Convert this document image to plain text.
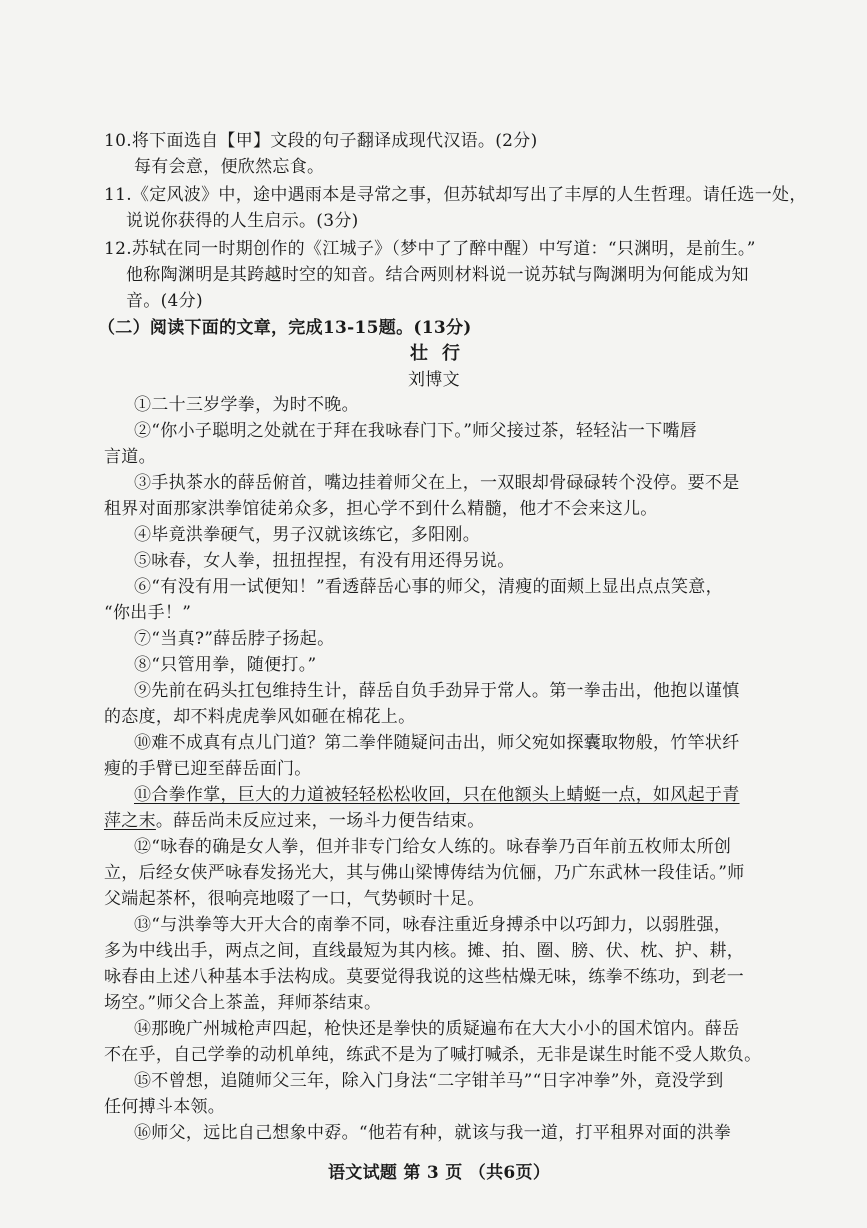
10.将下面选自【甲】文段的句子翻译成现代汉语。(2分)
每有会意，便欣然忘食。
11.《定风波》中，途中遇雨本是寻常之事，但苏轼却写出了丰厚的人生哲理。请任选一处，
说说你获得的人生启示。(3分)
12.苏轼在同一时期创作的《江城子》（梦中了了醉中醒）中写道：“只渊明，是前生。”
他称陶渊明是其跨越时空的知音。结合两则材料说一说苏轼与陶渊明为何能成为知
音。(4分)
（二）阅读下面的文章，完成13-15题。(13分)
壮行
刘博文
①二十三岁学拳，为时不晚。
②“你小子聪明之处就在于拜在我咏春门下。”师父接过茶，轻轻沾一下嘴唇
言道。
③手执茶水的薛岳俯首，嘴边挂着师父在上，一双眼却骨碌碌转个没停。要不是
租界对面那家洪拳馆徒弟众多，担心学不到什么精髓，他才不会来这儿。
④毕竟洪拳硬气，男子汉就该练它，多阳刚。
⑤咏春，女人拳，扭扭捏捏，有没有用还得另说。
⑥“有没有用一试便知！”看透薛岳心事的师父，清瘦的面颊上显出点点笑意，
“你出手！”
⑦“当真?”薛岳脖子扬起。
⑧“只管用拳，随便打。”
⑨先前在码头扛包维持生计，薛岳自负手劲异于常人。第一拳击出，他抱以谨慎
的态度，却不料虎虎拳风如砸在棉花上。
⑩难不成真有点儿门道？第二拳伴随疑问击出，师父宛如探囊取物般，竹竿状纤
瘦的手臂已迎至薛岳面门。
⑪合拳作掌，巨大的力道被轻轻松松收回，只在他额头上蜻蜓一点，如风起于青
萍之末。薛岳尚未反应过来，一场斗力便告结束。
⑫“咏春的确是女人拳，但并非专门给女人练的。咏春拳乃百年前五枚师太所创
立，后经女侠严咏春发扬光大，其与佛山梁博俦结为伉俪，乃广东武林一段佳话。”师
父端起茶杯，很响亮地啜了一口，气势顿时十足。
⑬“与洪拳等大开大合的南拳不同，咏春注重近身搏杀中以巧卸力，以弱胜强，
多为中线出手，两点之间，直线最短为其内核。摊、拍、圈、膀、伏、枕、护、耕，
咏春由上述八种基本手法构成。莫要觉得我说的这些枯燥无味，练拳不练功，到老一
场空。”师父合上茶盖，拜师茶结束。
⑭那晚广州城枪声四起，枪快还是拳快的质疑遍布在大大小小的国术馆内。薛岳
不在乎，自己学拳的动机单纯，练武不是为了喊打喊杀，无非是谋生时能不受人欺负。
⑮不曾想，追随师父三年，除入门身法“二字钳羊马”“日字冲拳”外，竟没学到
任何搏斗本领。
⑯师父，远比自己想象中孬。“他若有种，就该与我一道，打平租界对面的洪拳
语文试题 第 3 页 （共6页）
